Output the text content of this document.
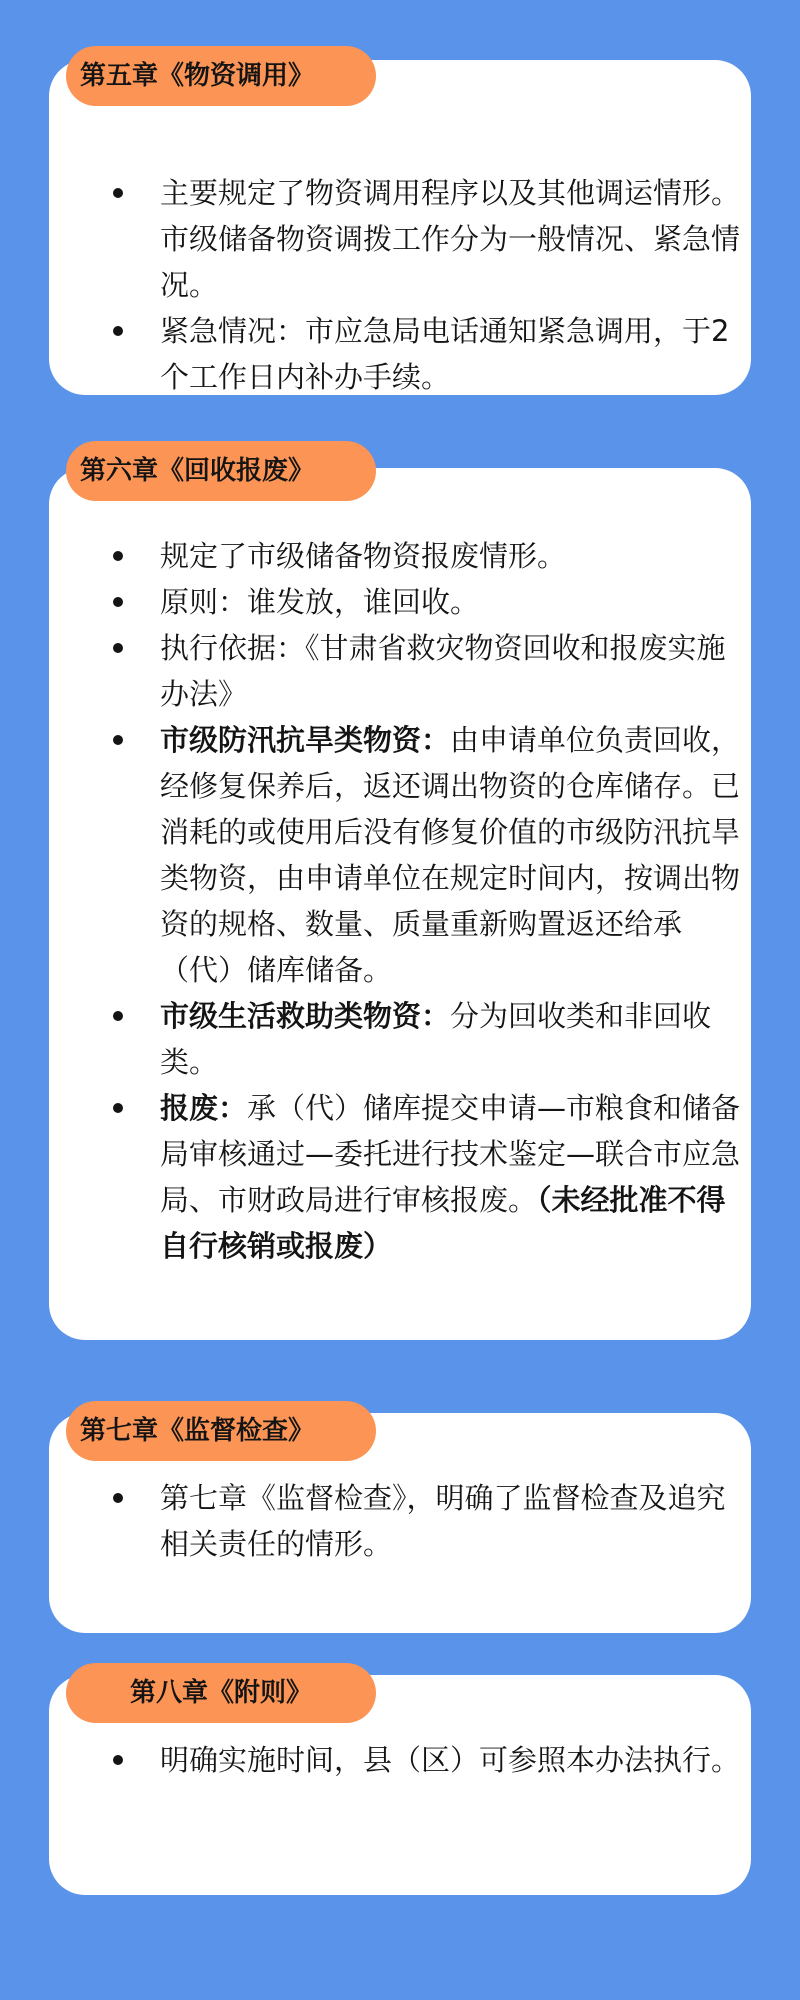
主要规定了物资调用程序以及其他调运情形。市级储备物资调拨工作分为一般情况、紧急情况。
紧急情况：市应急局电话通知紧急调用，于2个工作日内补办手续。
第五章《物资调用》
规定了市级储备物资报废情形。
原则：谁发放，谁回收。
执行依据：《甘肃省救灾物资回收和报废实施办法》
市级防汛抗旱类物资：由申请单位负责回收，经修复保养后，返还调出物资的仓库储存。已消耗的或使用后没有修复价值的市级防汛抗旱类物资，由申请单位在规定时间内，按调出物资的规格、数量、质量重新购置返还给承（代）储库储备。
市级生活救助类物资：分为回收类和非回收类。
报废：承（代）储库提交申请—市粮食和储备局审核通过—委托进行技术鉴定—联合市应急局、市财政局进行审核报废。（未经批准不得自行核销或报废）
第六章《回收报废》
第七章《监督检查》，明确了监督检查及追究相关责任的情形。
第七章《监督检查》
明确实施时间，县（区）可参照本办法执行。
第八章《附则》
